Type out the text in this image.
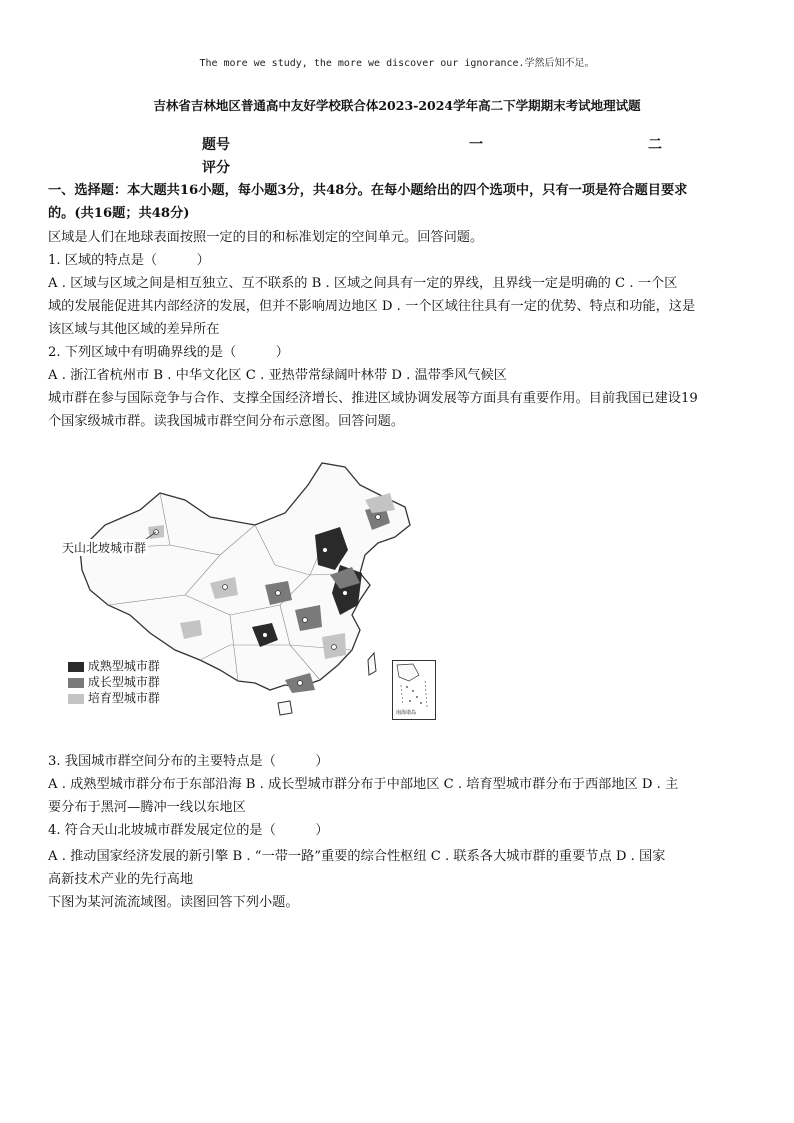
The more we study, the more we discover our ignorance.学然后知不足。
吉林省吉林地区普通高中友好学校联合体2023-2024学年高二下学期期末考试地理试题
题号
评分
一	二
一、选择题：本大题共16小题，每小题3分，共48分。在每小题给出的四个选项中，只有一项是符合题目要求
的。(共16题；共48分)
区域是人们在地球表面按照一定的目的和标准划定的空间单元。回答问题。
1. 区域的特点是（　　　）
A . 区域与区域之间是相互独立、互不联系的 B . 区域之间具有一定的界线，且界线一定是明确的 C . 一个区
域的发展能促进其内部经济的发展，但并不影响周边地区 D . 一个区域往往具有一定的优势、特点和功能，这是
该区域与其他区域的差异所在
2. 下列区域中有明确界线的是（　　　）
A . 浙江省杭州市 B . 中华文化区 C . 亚热带常绿阔叶林带 D . 温带季风气候区
城市群在参与国际竞争与合作、支撑全国经济增长、推进区域协调发展等方面具有重要作用。目前我国已建设19
个国家级城市群。读我国城市群空间分布示意图。回答问题。
天山北坡城市群
成熟型城市群
成长型城市群
培育型城市群
南海诸岛
3. 我国城市群空间分布的主要特点是（　　　）
A . 成熟型城市群分布于东部沿海 B . 成长型城市群分布于中部地区 C . 培育型城市群分布于西部地区 D . 主
要分布于黑河—腾冲一线以东地区
4. 符合天山北坡城市群发展定位的是（　　　）
A . 推动国家经济发展的新引擎 B . “一带一路”重要的综合性枢纽 C . 联系各大城市群的重要节点 D . 国家
高新技术产业的先行高地
下图为某河流流域图。读图回答下列小题。
